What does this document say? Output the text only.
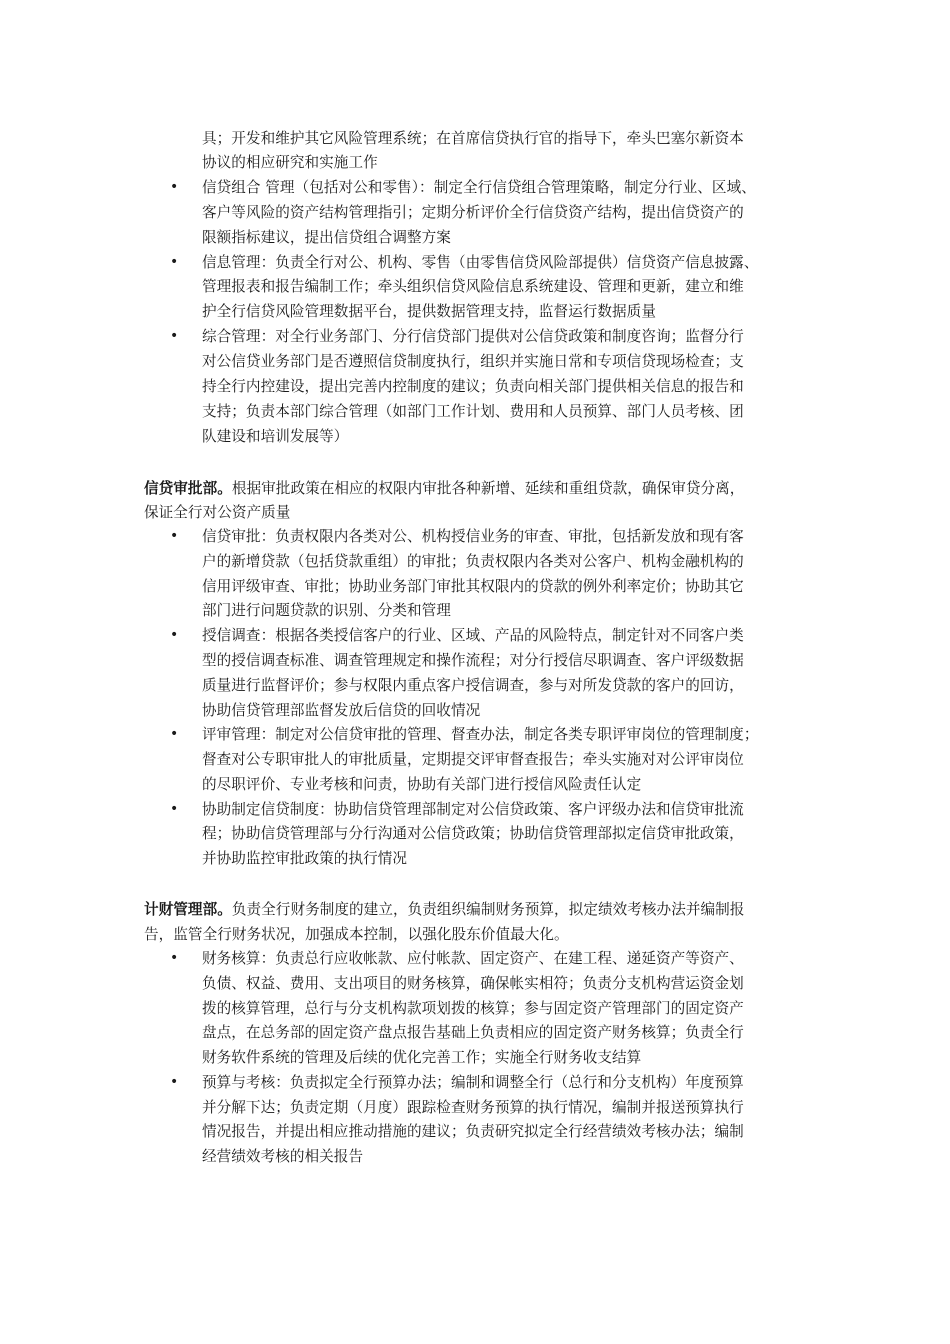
具；开发和维护其它风险管理系统；在首席信贷执行官的指导下，牵头巴塞尔新资本
协议的相应研究和实施工作
• 信贷组合 管理（包括对公和零售）：制定全行信贷组合管理策略，制定分行业、区域、
客户等风险的资产结构管理指引；定期分析评价全行信贷资产结构，提出信贷资产的
限额指标建议，提出信贷组合调整方案
• 信息管理：负责全行对公、机构、零售（由零售信贷风险部提供）信贷资产信息披露、
管理报表和报告编制工作；牵头组织信贷风险信息系统建设、管理和更新，建立和维
护全行信贷风险管理数据平台，提供数据管理支持，监督运行数据质量
• 综合管理：对全行业务部门、分行信贷部门提供对公信贷政策和制度咨询；监督分行
对公信贷业务部门是否遵照信贷制度执行，组织并实施日常和专项信贷现场检查；支
持全行内控建设，提出完善内控制度的建议；负责向相关部门提供相关信息的报告和
支持；负责本部门综合管理（如部门工作计划、费用和人员预算、部门人员考核、团
队建设和培训发展等）
信贷审批部。根据审批政策在相应的权限内审批各种新增、延续和重组贷款，确保审贷分离，
保证全行对公资产质量
• 信贷审批：负责权限内各类对公、机构授信业务的审查、审批，包括新发放和现有客
户的新增贷款（包括贷款重组）的审批；负责权限内各类对公客户、机构金融机构的
信用评级审查、审批；协助业务部门审批其权限内的贷款的例外利率定价；协助其它
部门进行问题贷款的识别、分类和管理
• 授信调查：根据各类授信客户的行业、区域、产品的风险特点，制定针对不同客户类
型的授信调查标准、调查管理规定和操作流程；对分行授信尽职调查、客户评级数据
质量进行监督评价；参与权限内重点客户授信调查，参与对所发贷款的客户的回访，
协助信贷管理部监督发放后信贷的回收情况
• 评审管理：制定对公信贷审批的管理、督查办法，制定各类专职评审岗位的管理制度；
督查对公专职审批人的审批质量，定期提交评审督查报告；牵头实施对对公评审岗位
的尽职评价、专业考核和问责，协助有关部门进行授信风险责任认定
• 协助制定信贷制度：协助信贷管理部制定对公信贷政策、客户评级办法和信贷审批流
程；协助信贷管理部与分行沟通对公信贷政策；协助信贷管理部拟定信贷审批政策，
并协助监控审批政策的执行情况
计财管理部。负责全行财务制度的建立，负责组织编制财务预算，拟定绩效考核办法并编制报
告，监管全行财务状况，加强成本控制，以强化股东价值最大化。
• 财务核算：负责总行应收帐款、应付帐款、固定资产、在建工程、递延资产等资产、
负债、权益、费用、支出项目的财务核算，确保帐实相符；负责分支机构营运资金划
拨的核算管理，总行与分支机构款项划拨的核算；参与固定资产管理部门的固定资产
盘点，在总务部的固定资产盘点报告基础上负责相应的固定资产财务核算；负责全行
财务软件系统的管理及后续的优化完善工作；实施全行财务收支结算
• 预算与考核：负责拟定全行预算办法；编制和调整全行（总行和分支机构）年度预算
并分解下达；负责定期（月度）跟踪检查财务预算的执行情况，编制并报送预算执行
情况报告，并提出相应推动措施的建议；负责研究拟定全行经营绩效考核办法；编制
经营绩效考核的相关报告
